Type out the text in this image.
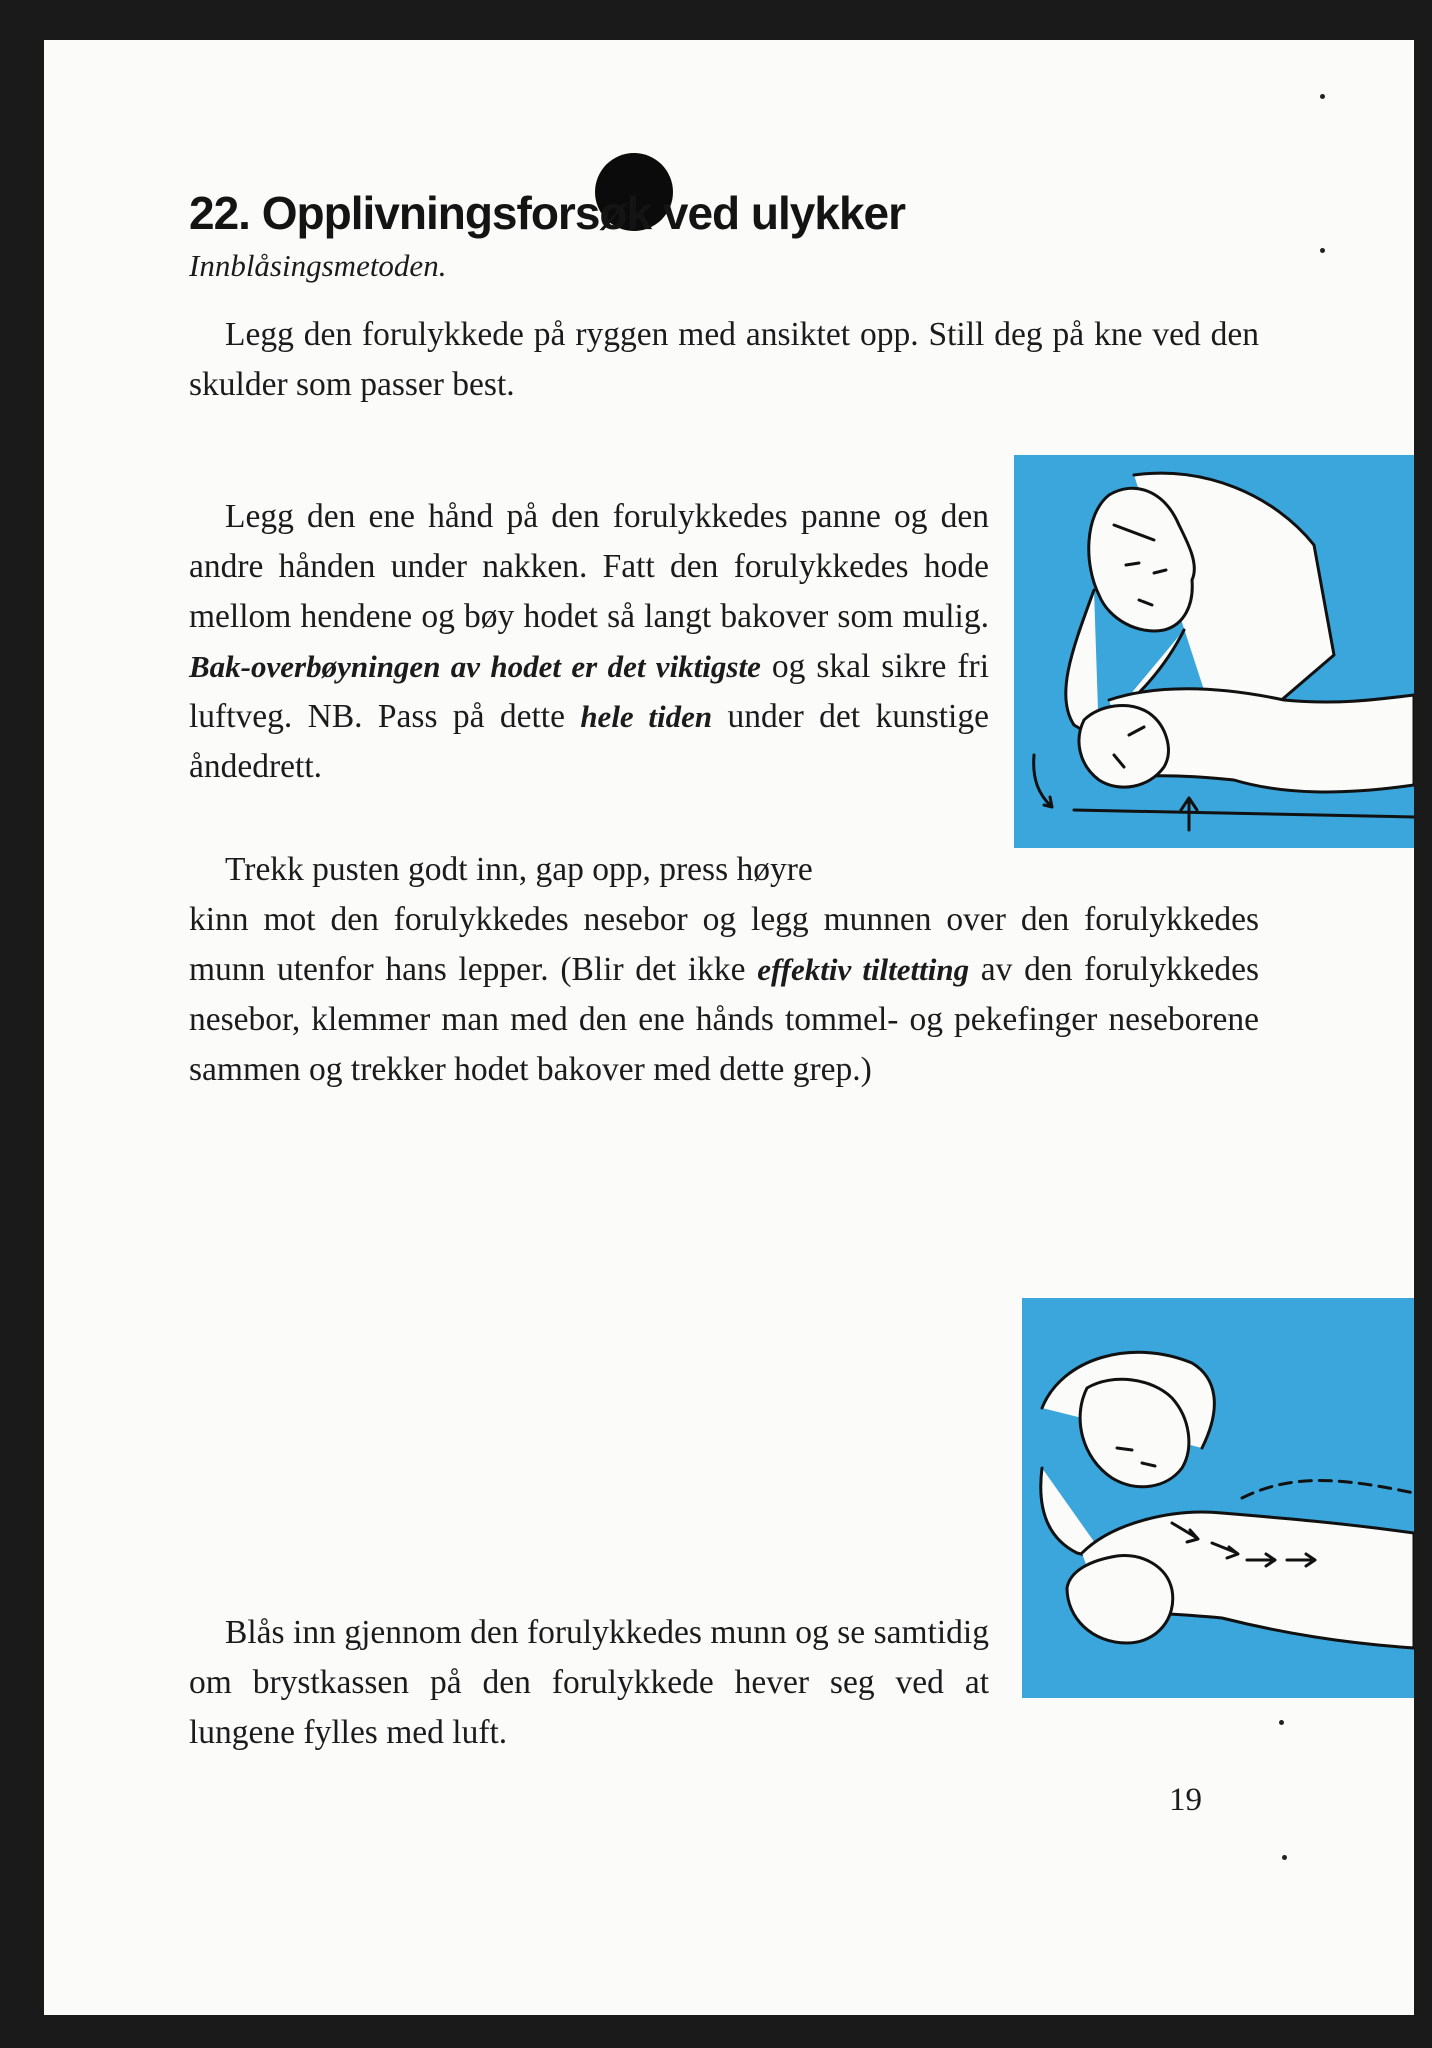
22. Opplivningsforsøk ved ulykker

Innblåsingsmetoden.

Legg den forulykkede på ryggen med ansiktet opp. Still deg på kne ved den skulder som passer best.

Legg den ene hånd på den forulykkedes panne og den andre hånden under nakken. Fatt den forulykkedes hode mellom hendene og bøy hodet så langt bakover som mulig. Bak-overbøyningen av hodet er det viktigste og skal sikre fri luftveg. NB. Pass på dette hele tiden under det kunstige åndedrett.

Trekk pusten godt inn, gap opp, press høyre
kinn mot den forulykkedes nesebor og legg munnen over den forulykkedes munn utenfor hans lepper. (Blir det ikke effektiv tiltetting av den forulykkedes nesebor, klemmer man med den ene hånds tommel- og pekefinger neseborene sammen og trekker hodet bakover med dette grep.)

Blås inn gjennom den forulykkedes munn og se samtidig om brystkassen på den forulykkede hever seg ved at lungene fylles med luft.

19
